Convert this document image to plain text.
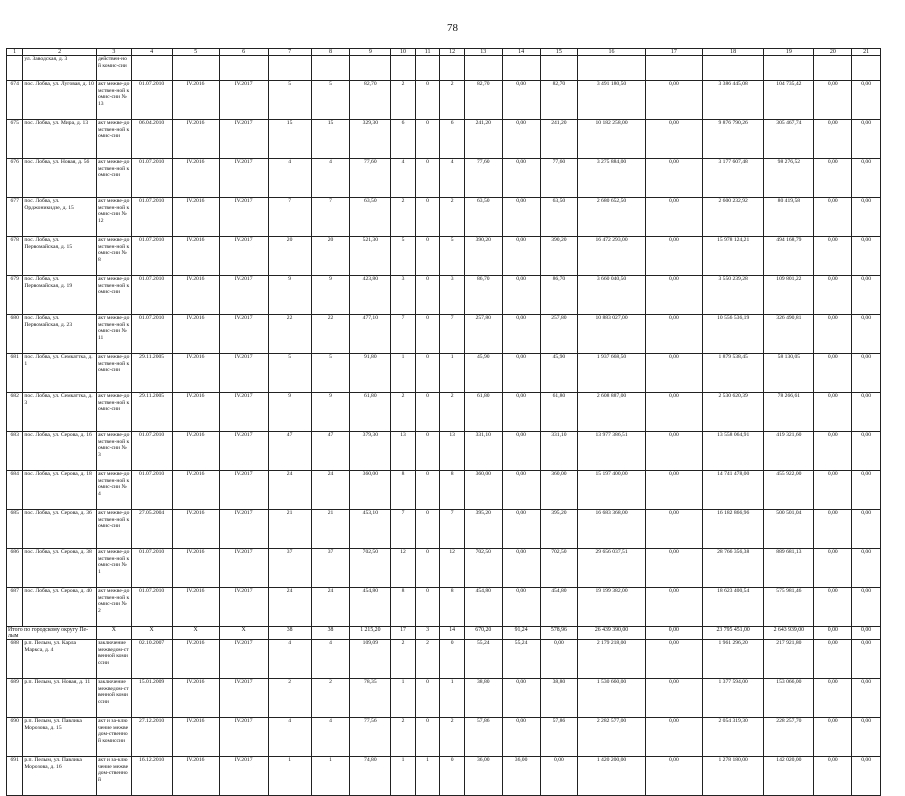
78
1	2	3	4	5	6	7	8	9	10	11	12	13	14	15	16	17	18	19	20	21
	ул. Заводская, д. 3	действен-ной комис-сии																		
674	пос. Лобва, ул. Луговая, д. 10	акт межве-домствен-ной комис-сии № 13	01.07.2010	IV.2016	IV.2017	5	5	82,70	2	0	2	82,70	0,00	82,70	3 491 180,50	0,00	3 386 445,08	104 735,42	0,00	0,00
675	пос. Лобва, ул. Мира, д. 13	акт межве-домствен-ной комис-сии	06.04.2010	IV.2016	IV.2017	15	15	329,30	6	0	6	241,20	0,00	241,20	10 182 258,00	0,00	9 876 790,26	305 467,74	0,00	0,00
676	пос. Лобва, ул. Новая, д. 56	акт межве-домствен-ной комис-сии	01.07.2010	IV.2016	IV.2017	4	4	77,60	4	0	4	77,60	0,00	77,60	3 275 884,00	0,00	3 177 607,48	98 276,52	0,00	0,00
677	пос. Лобва, ул. Орджоникидзе, д. 15	акт межве-домствен-ной комис-сии № 12	01.07.2010	IV.2016	IV.2017	7	7	63,50	2	0	2	63,50	0,00	63,50	2 680 652,50	0,00	2 600 232,92	80 419,58	0,00	0,00
678	пос. Лобва, ул. Первомайская, д. 15	акт межве-домствен-ной комис-сии № 8	01.07.2010	IV.2016	IV.2017	20	20	521,30	5	0	5	390,20	0,00	390,20	16 472 293,00	0,00	15 978 124,21	494 168,79	0,00	0,00
679	пос. Лобва, ул. Первомайская, д. 19	акт межве-домствен-ной комис-сии	01.07.2010	IV.2016	IV.2017	9	9	423,80	3	0	3	86,70	0,00	86,70	3 660 040,50	0,00	3 550 239,28	109 801,22	0,00	0,00
680	пос. Лобва, ул. Первомайская, д. 23	акт межве-домствен-ной комис-сии № 11	01.07.2010	IV.2016	IV.2017	22	22	477,10	7	0	7	257,80	0,00	257,80	10 883 027,00	0,00	10 556 536,19	326 490,81	0,00	0,00
681	пос. Лобва, ул. Семкаттка, д. 1	акт межве-домствен-ной комис-сии	29.11.2005	IV.2016	IV.2017	5	5	91,80	1	0	1	45,90	0,00	45,90	1 937 668,50	0,00	1 879 538,45	58 130,05	0,00	0,00
682	пос. Лобва, ул. Семкаттка, д. 3	акт межве-домствен-ной комис-сии	29.11.2005	IV.2016	IV.2017	9	9	61,80	2	0	2	61,80	0,00	61,80	2 608 887,00	0,00	2 530 620,39	78 266,61	0,00	0,00
683	пос. Лобва, ул. Серова, д. 16	акт межве-домствен-ной комис-сии № 3	01.07.2010	IV.2016	IV.2017	47	47	379,30	13	0	13	331,10	0,00	331,10	13 977 386,51	0,00	13 558 064,91	419 321,60	0,00	0,00
684	пос. Лобва, ул. Серова, д. 18	акт межве-домствен-ной комис-сии № 4	01.07.2010	IV.2016	IV.2017	24	24	360,00	8	0	8	360,00	0,00	360,00	15 197 400,00	0,00	14 741 478,00	455 922,00	0,00	0,00
685	пос. Лобва, ул. Серова, д. 36	акт межве-домствен-ной комис-сии	27.05.2004	IV.2016	IV.2017	21	21	453,10	7	0	7	395,20	0,00	395,20	16 683 368,00	0,00	16 182 866,96	500 501,04	0,00	0,00
686	пос. Лобва, ул. Серова, д. 38	акт межве-домствен-ной комис-сии № 1	01.07.2010	IV.2016	IV.2017	37	37	702,50	12	0	12	702,50	0,00	702,50	29 656 037,51	0,00	28 766 356,38	889 681,13	0,00	0,00
687	пос. Лобва, ул. Серова, д. 40	акт межве-домствен-ной комис-сии № 2	01.07.2010	IV.2016	IV.2017	24	24	454,80	8	0	8	454,80	0,00	454,80	19 199 382,00	0,00	18 623 400,54	575 981,46	0,00	0,00
Итого по городскому округу Пе-лым		X	X	X	X	38	38	1 215,20	17	3	14	670,20	91,24	578,96	26 439 390,00	0,00	23 795 451,00	2 643 939,00	0,00	0,00
688	р.п. Пелым, ул. Карла Маркса, д. 4	заключение межведом-ственной комиссии	02.10.2007	IV.2016	IV.2017	4	4	109,09	2	2	0	55,24	55,24	0,00	2 179 218,00	0,00	1 961 296,20	217 921,80	0,00	0,00
689	р.п. Пелым, ул. Новая, д. 11	заключение межведом-ственной комиссии	15.01.2009	IV.2016	IV.2017	2	2	78,35	1	0	1	38,80	0,00	38,80	1 530 660,00	0,00	1 377 594,00	153 066,00	0,00	0,00
690	р.п. Пелым, ул. Павлика Морозова, д. 15	акт и за-ключение межведом-ственной комиссии	27.12.2010	IV.2016	IV.2017	4	4	77,56	2	0	2	57,86	0,00	57,86	2 282 577,00	0,00	2 054 319,30	228 257,70	0,00	0,00
691	р.п. Пелым, ул. Павлика Морозова, д. 16	акт и за-ключение межведом-ственной	16.12.2010	IV.2016	IV.2017	1	1	74,80	1	1	0	36,00	36,00	0,00	1 420 200,00	0,00	1 278 180,00	142 020,00	0,00	0,00
